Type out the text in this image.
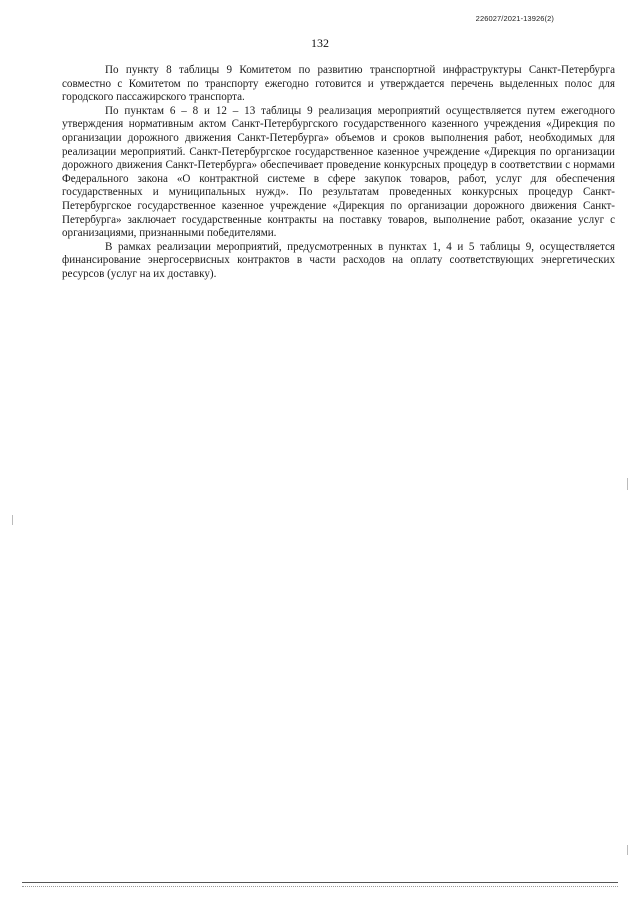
226027/2021-13926(2)
132

По пункту 8 таблицы 9 Комитетом по развитию транспортной инфраструктуры Санкт-Петербурга совместно с Комитетом по транспорту ежегодно готовится и утверждается перечень выделенных полос для городского пассажирского транспорта.

По пунктам 6 – 8 и 12 – 13 таблицы 9 реализация мероприятий осуществляется путем ежегодного утверждения нормативным актом Санкт-Петербургского государственного казенного учреждения «Дирекция по организации дорожного движения Санкт-Петербурга» объемов и сроков выполнения работ, необходимых для реализации мероприятий. Санкт-Петербургское государственное казенное учреждение «Дирекция по организации дорожного движения Санкт-Петербурга» обеспечивает проведение конкурсных процедур в соответствии с нормами Федерального закона «О контрактной системе в сфере закупок товаров, работ, услуг для обеспечения государственных и муниципальных нужд». По результатам проведенных конкурсных процедур Санкт-Петербургское государственное казенное учреждение «Дирекция по организации дорожного движения Санкт-Петербурга» заключает государственные контракты на поставку товаров, выполнение работ, оказание услуг с организациями, признанными победителями.

В рамках реализации мероприятий, предусмотренных в пунктах 1, 4 и 5 таблицы 9, осуществляется финансирование энергосервисных контрактов в части расходов на оплату соответствующих энергетических ресурсов (услуг на их доставку).
